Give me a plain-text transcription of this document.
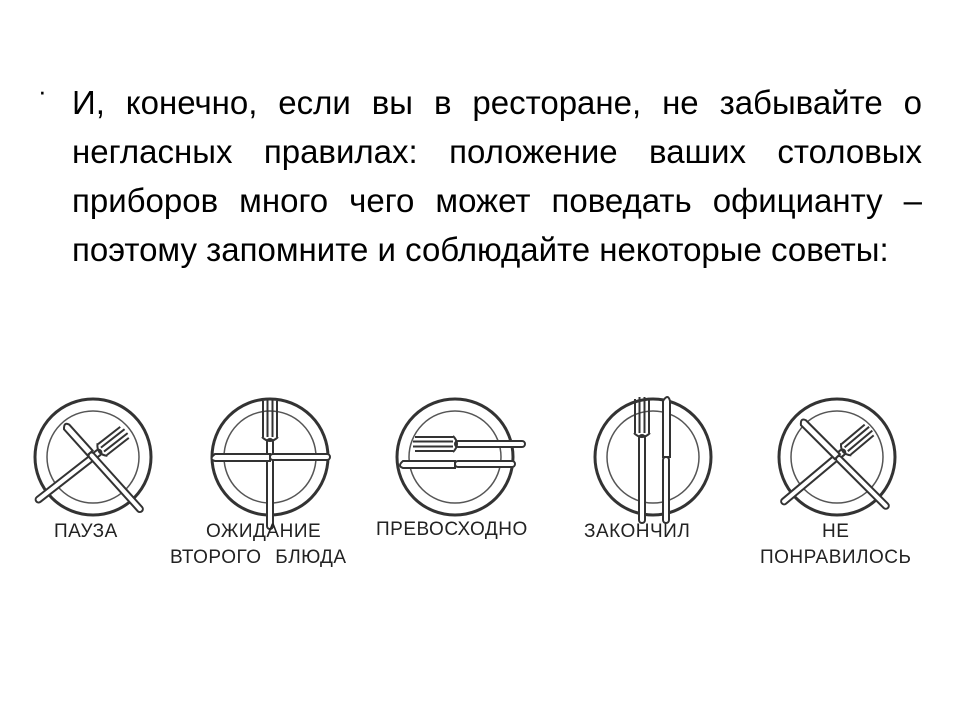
· И, конечно, если вы в ресторане, не забывайте о негласных правилах: положение ваших столовых приборов много чего может поведать официанту – поэтому запомните и соблюдайте некоторые советы:

ПАУЗА	ОЖИДАНИЕ
ВТОРОГО БЛЮДА
ПРЕВОСХОДНО	ЗАКОНЧИЛ	НЕ
ПОНРАВИЛОСЬ
